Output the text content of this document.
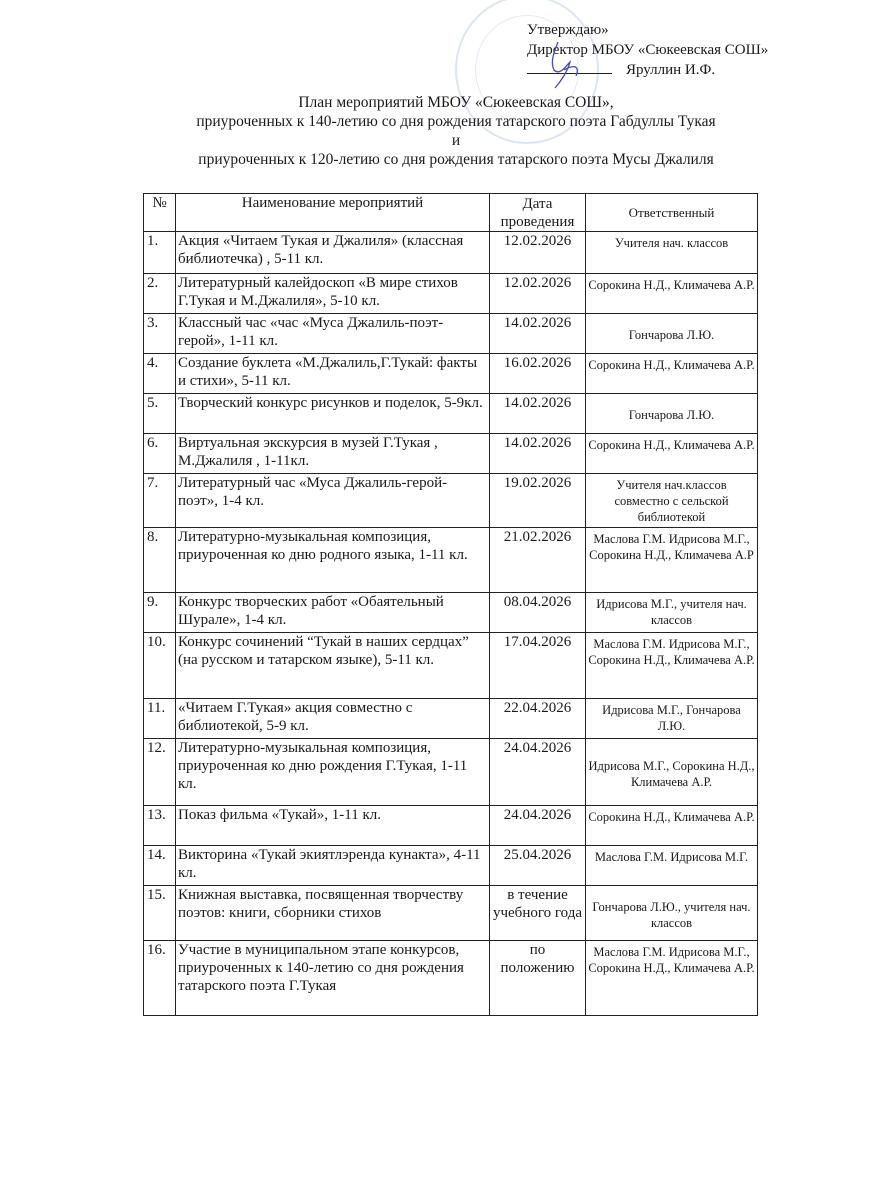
Утверждаю»
Директор МБОУ «Сюкеевская СОШ»
Яруллин И.Ф.
План мероприятий МБОУ «Сюкеевская СОШ»,
приуроченных к 140-летию со дня рождения татарского поэта Габдуллы Тукая
и
приуроченных к 120-летию со дня рождения татарского поэта Мусы Джалиля
№	Наименование мероприятий	Дата проведения	Ответственный
1.	Акция «Читаем Тукая и Джалиля» (классная библиотечка) , 5-11 кл.	12.02.2026	Учителя нач. классов
2.	Литературный калейдоскоп «В мире стихов Г.Тукая и М.Джалиля», 5-10 кл.	12.02.2026	Сорокина Н.Д., Климачева А.Р.
3.	Классный час «час «Муса Джалиль-поэт-герой», 1-11 кл.	14.02.2026	Гончарова Л.Ю.
4.	Создание буклета «М.Джалиль,Г.Тукай: факты и стихи», 5-11 кл.	16.02.2026	Сорокина Н.Д., Климачева А.Р.
5.	Творческий конкурс рисунков и поделок, 5-9кл.	14.02.2026	Гончарова Л.Ю.
6.	Виртуальная экскурсия в музей Г.Тукая , М.Джалиля , 1-11кл.	14.02.2026	Сорокина Н.Д., Климачева А.Р.
7.	Литературный час «Муса Джалиль-герой-поэт», 1-4 кл.	19.02.2026	Учителя нач.классов совместно с сельской библиотекой
8.	Литературно-музыкальная композиция, приуроченная ко дню родного языка, 1-11 кл.	21.02.2026	Маслова Г.М. Идрисова М.Г., Сорокина Н.Д., Климачева А.Р
9.	Конкурс творческих работ «Обаятельный Шурале», 1-4 кл.	08.04.2026	Идрисова М.Г., учителя нач. классов
10.	Конкурс сочинений “Тукай в наших сердцах” (на русском и татарском языке), 5-11 кл.	17.04.2026	Маслова Г.М. Идрисова М.Г., Сорокина Н.Д., Климачева А.Р.
11.	«Читаем Г.Тукая» акция совместно с библиотекой, 5-9 кл.	22.04.2026	Идрисова М.Г., Гончарова Л.Ю.
12.	Литературно-музыкальная композиция, приуроченная ко дню рождения Г.Тукая, 1-11 кл.	24.04.2026	Идрисова М.Г., Сорокина Н.Д., Климачева А.Р.
13.	Показ фильма «Тукай», 1-11 кл.	24.04.2026	Сорокина Н.Д., Климачева А.Р.
14.	Викторина «Тукай экиятлэренда кунакта», 4-11 кл.	25.04.2026	Маслова Г.М. Идрисова М.Г.
15.	Книжная выставка, посвященная творчеству поэтов: книги, сборники стихов	в течение учебного года	Гончарова Л.Ю., учителя нач. классов
16.	Участие в муниципальном этапе конкурсов, приуроченных к 140-летию со дня рождения татарского поэта Г.Тукая	по положению	Маслова Г.М. Идрисова М.Г., Сорокина Н.Д., Климачева А.Р.
